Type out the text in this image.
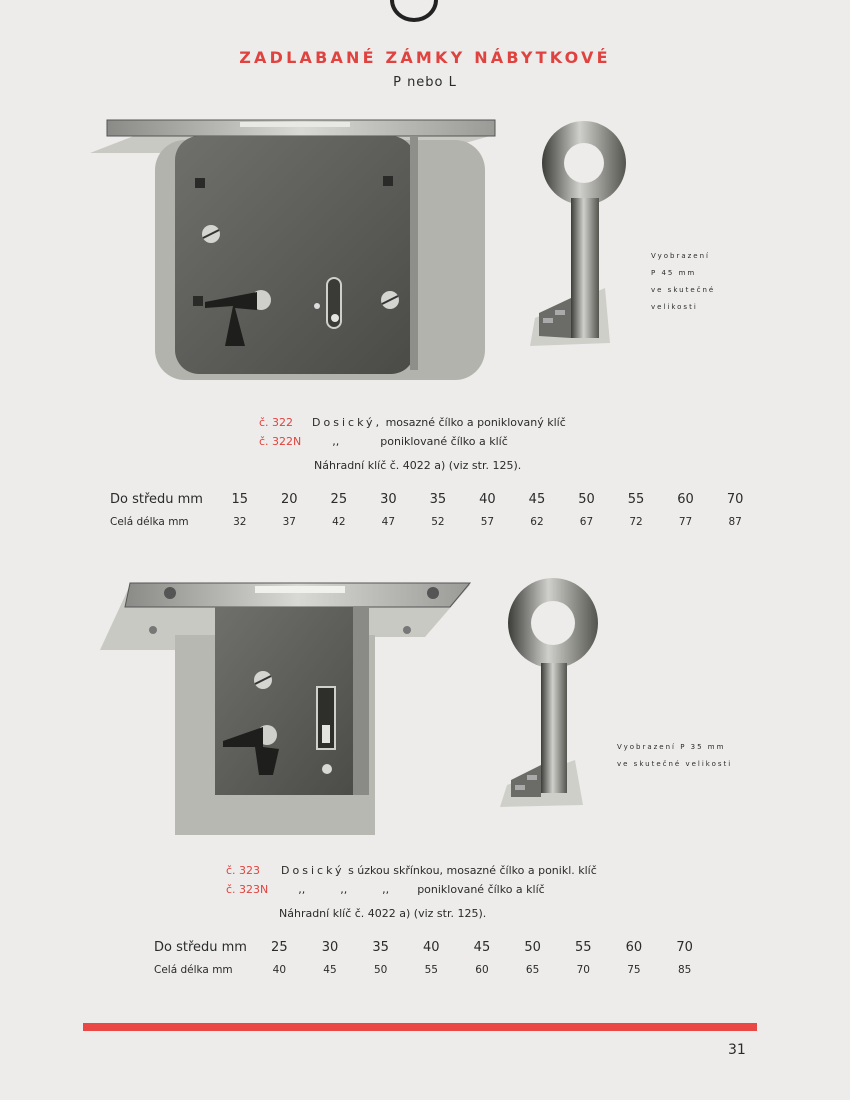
ZADLABANÉ ZÁMKY NÁBYTKOVÉ
P nebo L
Vyobrazení
P 45 mm
ve skutečné
velikosti
č. 322 Dosický, mosazné čílko a poniklovaný klíč
č. 322N	,,	poniklované čílko a klíč
Náhradní klíč č. 4022 a) (viz str. 125).
Do středu mm	15	20	25	30	35	40	45	50	55	60	70
Celá délka mm	32	37	42	47	52	57	62	67	72	77	87
Vyobrazení P 35 mm
ve skutečné velikosti
č. 323 Dosický s úzkou skřínkou, mosazné čílko a ponikl. klíč
č. 323N	,,          ,,          ,,	poniklované čílko a klíč
Náhradní klíč č. 4022 a) (viz str. 125).
Do středu mm	25	30	35	40	45	50	55	60	70
Celá délka mm	40	45	50	55	60	65	70	75	85
31
